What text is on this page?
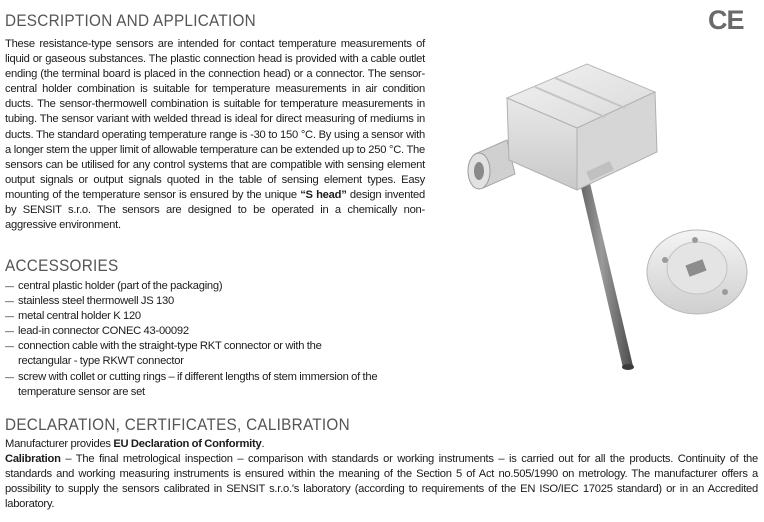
CE
DESCRIPTION AND APPLICATION

These resistance-type sensors are intended for contact temperature measurements of liquid or gaseous substances. The plastic connection head is provided with a cable outlet ending (the terminal board is placed in the connection head) or a connector. The sensor-central holder combination is suitable for temperature measurements in air condition ducts. The sensor-thermowell combination is suitable for temperature measurements in tubing. The sensor variant with welded thread is ideal for direct measuring of mediums in ducts. The standard operating temperature range is -30 to 150 °C. By using a sensor with a longer stem the upper limit of allowable temperature can be extended up to 250 °C. The sensors can be utilised for any control systems that are compatible with sensing element output signals or output signals quoted in the table of sensing element types. Easy mounting of the temperature sensor is ensured by the unique “S head” design invented by SENSIT s.r.o. The sensors are designed to be operated in a chemically non-aggressive environment.

ACCESSORIES
— central plastic holder (part of the packaging)
— stainless steel thermowell JS 130
— metal central holder K 120
— lead-in connector CONEC 43-00092
— connection cable with the straight-type RKT connector or with the rectangular - type RKWT connector
— screw with collet or cutting rings – if different lengths of stem immersion of the temperature sensor are set
DECLARATION, CERTIFICATES, CALIBRATION

Manufacturer provides EU Declaration of Conformity.

Calibration – The final metrological inspection – comparison with standards or working instruments – is carried out for all the products. Continuity of the standards and working measuring instruments is ensured within the meaning of the Section 5 of Act no.505/1990 on metrology. The manufacturer offers a possibility to supply the sensors calibrated in SENSIT s.r.o.'s laboratory (according to requirements of the EN ISO/IEC 17025 standard) or in an Accredited laboratory.
